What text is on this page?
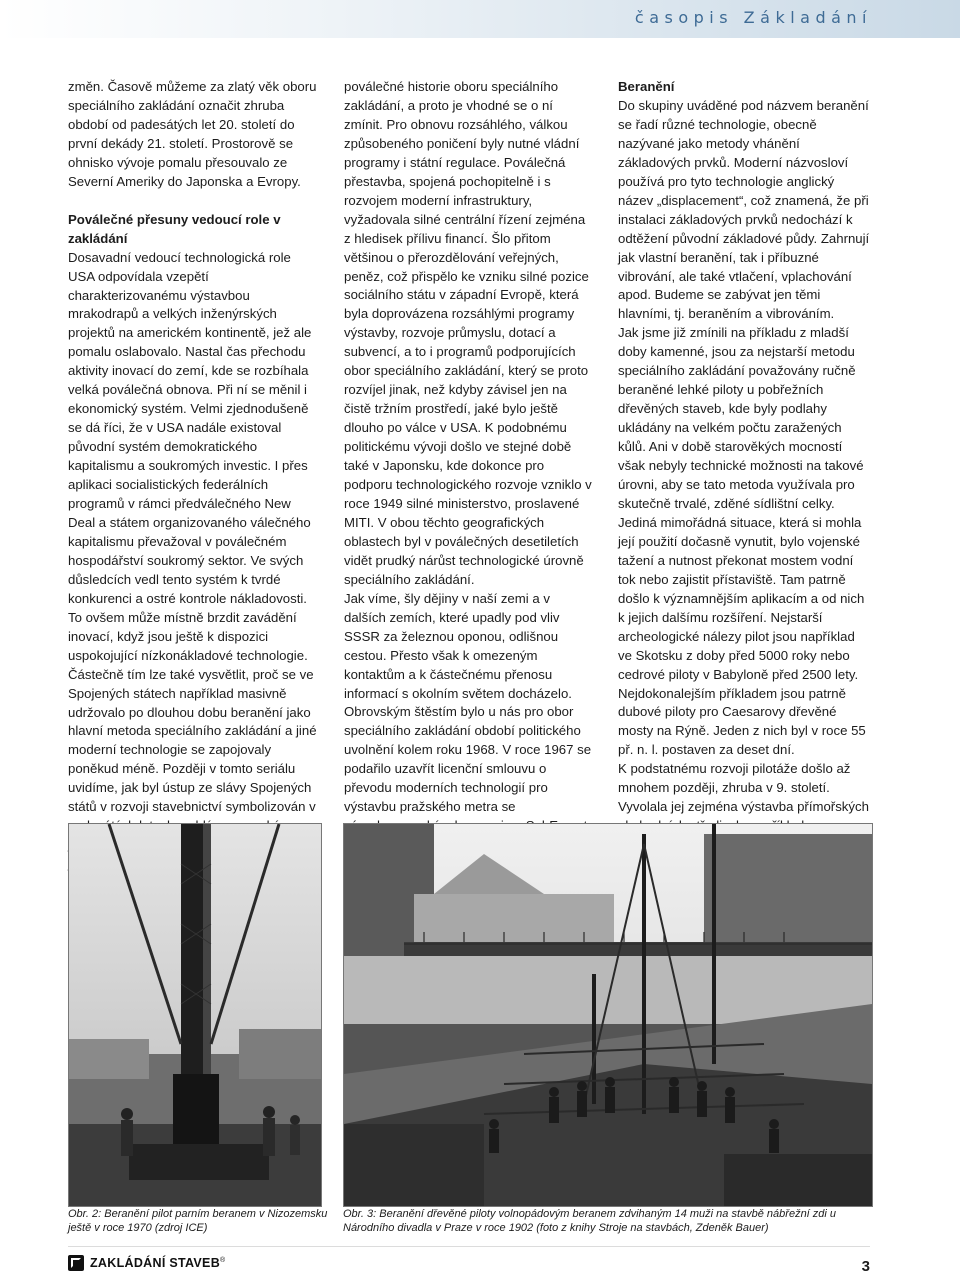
časopis Základání

změn. Časově můžeme za zlatý věk oboru speciálního zakládání označit zhruba období od padesátých let 20. století do první dekády 21. století. Prostorově se ohnisko vývoje pomalu přesouvalo ze Severní Ameriky do Japonska a Evropy.

Poválečné přesuny vedoucí role v zakládání
Dosavadní vedoucí technologická role USA odpovídala vzepětí charakterizovanému výstavbou mrakodrapů a velkých inženýrských projektů na americkém kontinentě, jež ale pomalu oslabovalo. Nastal čas přechodu aktivity inovací do zemí, kde se rozbíhala velká poválečná obnova. Při ní se měnil i ekonomický systém. Velmi zjednodušeně se dá říci, že v USA nadále existoval původní systém demokratického kapitalismu a soukromých investic. I přes aplikaci socialistických federálních programů v rámci předválečného New Deal a státem organizovaného válečného kapitalismu převažoval v poválečném hospodářství soukromý sektor. Ve svých důsledcích vedl tento systém k tvrdé konkurenci a ostré kontrole nákladovosti. To ovšem může místně brzdit zavádění inovací, když jsou ještě k dispozici uspokojující nízkonákladové technologie. Částečně tím lze také vysvětlit, proč se ve Spojených státech například masivně udržovalo po dlouhou dobu beranění jako hlavní metoda speciálního zakládání a jiné moderní technologie se zapojovaly poněkud méně. Později v tomto seriálu uvidíme, jak byl ústup ze slávy Spojených států v rozvoji stavebnictví symbolizován v

poválečné historie oboru speciálního zakládání, a proto je vhodné se o ní zmínit. Pro obnovu rozsáhlého, válkou způsobeného poničení byly nutné vládní programy i státní regulace. Poválečná přestavba, spojená pochopitelně i s rozvojem moderní infrastruktury, vyžadovala silné centrální řízení zejména z hledisek přílivu financí. Šlo přitom většinou o přerozdělování veřejných, peněz, což přispělo ke vzniku silné pozice sociálního státu v západní Evropě, která byla doprovázena rozsáhlými programy výstavby, rozvoje průmyslu, dotací a subvencí, a to i programů podporujících obor speciálního zakládání, který se proto rozvíjel jinak, než kdyby závisel jen na čistě tržním prostředí, jaké bylo ještě dlouho po válce v USA. K podobnému politickému vývoji došlo ve stejné době také v Japonsku, kde dokonce pro podporu technologického rozvoje vzniklo v roce 1949 silné ministerstvo, proslavené MITI. V obou těchto geografických oblastech byl v poválečných desetiletích vidět prudký nárůst technologické úrovně speciálního zakládání.

Jak víme, šly dějiny v naší zemi a v dalších zemích, které upadly pod vliv SSSR za železnou oponou, odlišnou cestou. Přesto však k omezeným kontaktům a k částečnému přenosu informací s okolním světem docházelo. Obrovským štěstím bylo u nás pro obor speciálního zakládání období politického uvolnění kolem roku 1968. V roce 1967 se podařilo uzavřít licenční smlouvu o převodu moderních technologií pro výstavbu pražského metra se

Beranění

Do skupiny uváděné pod názvem beranění se řadí různé technologie, obecně nazývané jako metody vhánění základových prvků. Moderní názvosloví používá pro tyto technologie anglický název „displacement“, což znamená, že při instalaci základových prvků nedochází k odtěžení původní základové půdy. Zahrnují jak vlastní beranění, tak i příbuzné vibrování, ale také vtlačení, vplachování apod. Budeme se zabývat jen těmi hlavními, tj. beraněním a vibrováním.

Jak jsme již zmínili na příkladu z mladší doby kamenné, jsou za nejstarší metodu speciálního zakládání považovány ručně beraněné lehké piloty u pobřežních dřevěných staveb, kde byly podlahy ukládány na velkém počtu zaražených kůlů. Ani v době starověkých mocností však nebyly technické možnosti na takové úrovni, aby se tato metoda využívala pro skutečně trvalé, zděné sídlištní celky. Jediná mimořádná situace, která si mohla její použití dočasně vynutit, bylo vojenské tažení a nutnost překonat mostem vodní tok nebo zajistit přístaviště. Tam patrně došlo k významnějším aplikacím a od nich k jejich dalšímu rozšíření. Nejstarší archeologické nálezy pilot jsou například ve Skotsku z doby před 5000 roky nebo cedrové piloty v Babyloně před 2500 lety. Nejdokonalejším příkladem jsou patrně dubové piloty pro Caesarovy dřevěné mosty na Rýně. Jeden z nich byl v roce 55 př. n. l. postaven za deset dní.

K podstatnému rozvoji pilotáže došlo až mnohem později, zhruba v 9. století. Vyvolala jej zejména výstavba přímořských

Obr. 2: Beranění pilot parním beranem v Nizozemsku ještě v roce 1970 (zdroj ICE)
Obr. 3: Beranění dřevěné piloty volnopádovým beranem zdvihaným 14 muži na stavbě nábřežní zdi u Národního divadla v Praze v roce 1902 (foto z knihy Stroje na stavbách, Zdeněk Bauer)
ZAKLÁDÁNÍ STAVEB®	3
